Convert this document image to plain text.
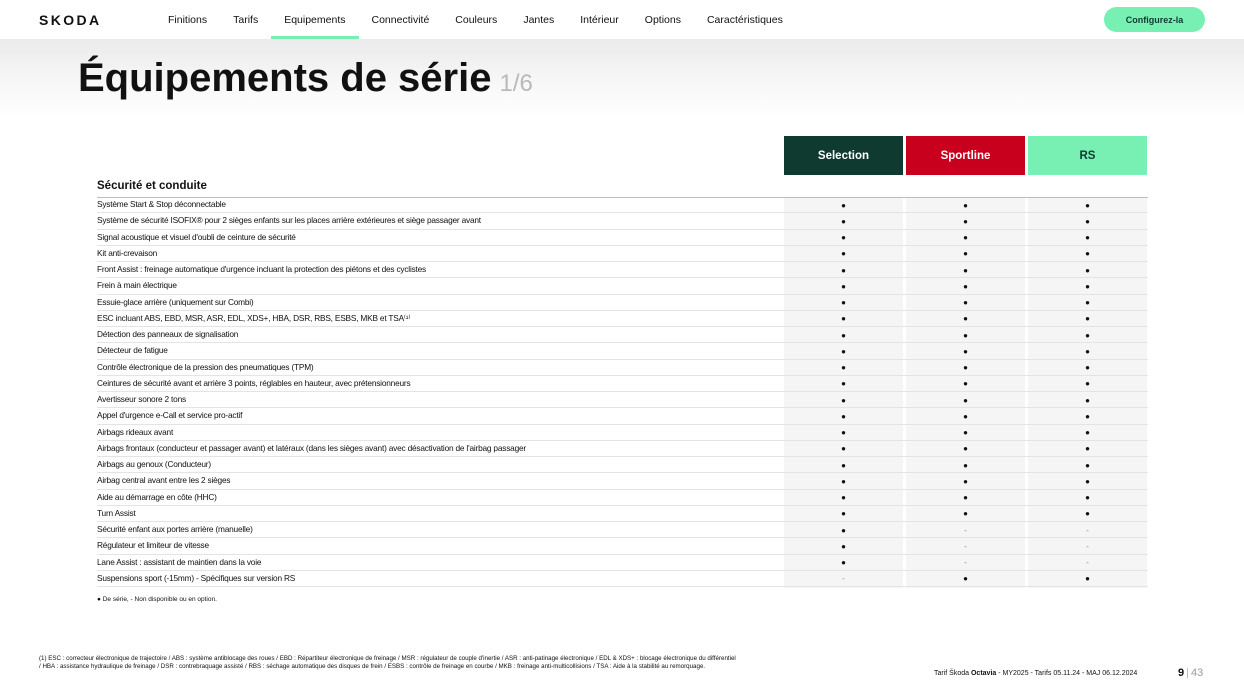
SKODA	Finitions	Tarifs	Equipements	Connectivité	Couleurs	Jantes	Intérieur	Options	Caractéristiques	Configurez-la
Équipements de série 1/6
Selection	Sportline	RS
Sécurité et conduite
Système Start & Stop déconnectable	●	●	●
Système de sécurité ISOFIX® pour 2 sièges enfants sur les places arrière extérieures et siège passager avant	●	●	●
Signal acoustique et visuel d'oubli de ceinture de sécurité	●	●	●
Kit anti-crevaison	●	●	●
Front Assist : freinage automatique d'urgence incluant la protection des piétons et des cyclistes	●	●	●
Frein à main électrique	●	●	●
Essuie-glace arrière (uniquement sur Combi)	●	●	●
ESC incluant ABS, EBD, MSR, ASR, EDL, XDS+, HBA, DSR, RBS, ESBS, MKB et TSA⁽¹⁾	●	●	●
Détection des panneaux de signalisation	●	●	●
Détecteur de fatigue	●	●	●
Contrôle électronique de la pression des pneumatiques (TPM)	●	●	●
Ceintures de sécurité avant et arrière 3 points, réglables en hauteur, avec prétensionneurs	●	●	●
Avertisseur sonore 2 tons	●	●	●
Appel d'urgence e-Call et service pro-actif	●	●	●
Airbags rideaux avant	●	●	●
Airbags frontaux (conducteur et passager avant) et latéraux (dans les sièges avant) avec désactivation de l'airbag passager	●	●	●
Airbags au genoux (Conducteur)	●	●	●
Airbag central avant entre les 2 sièges	●	●	●
Aide au démarrage en côte (HHC)	●	●	●
Turn Assist	●	●	●
Sécurité enfant aux portes arrière (manuelle)	●	-	-
Régulateur et limiteur de vitesse	●	-	-
Lane Assist : assistant de maintien dans la voie	●	-	-
Suspensions sport (-15mm) - Spécifiques sur version RS	-	●	●
● De série, - Non disponible ou en option.
(1) ESC : correcteur électronique de trajectoire / ABS : système antiblocage des roues / EBD : Répartiteur électronique de freinage / MSR : régulateur de couple d'inertie / ASR : anti-patinage électronique / EDL & XDS+ : blocage électronique du différentiel / HBA : assistance hydraulique de freinage / DSR : contrebraquage assisté / RBS : séchage automatique des disques de frein / ESBS : contrôle de freinage en courbe / MKB : freinage anti-multicollisions / TSA : Aide à la stabilité au remorquage.
Tarif Škoda Octavia - MY2025 - Tarifs 05.11.24 - MAJ 06.12.2024	9 | 43
